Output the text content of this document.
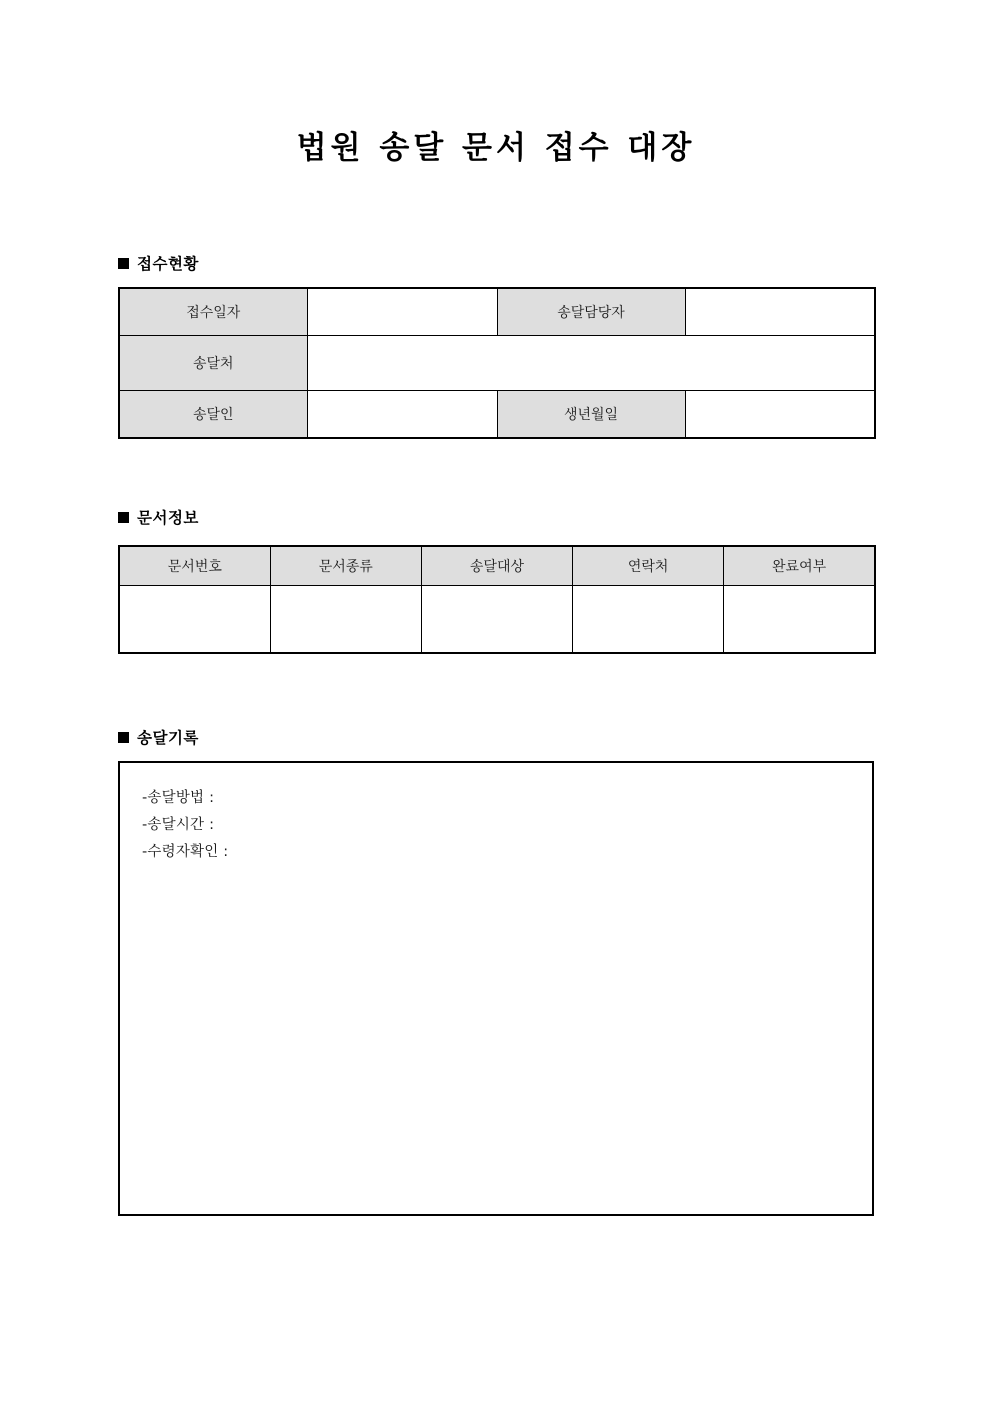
법원 송달 문서 접수 대장
접수현황
접수일자		송달담당자	
송달처			
송달인		생년월일	
문서정보
문서번호	문서종류	송달대상	연락처	완료여부

송달기록
-송달방법 :
-송달시간 :
-수령자확인 :
